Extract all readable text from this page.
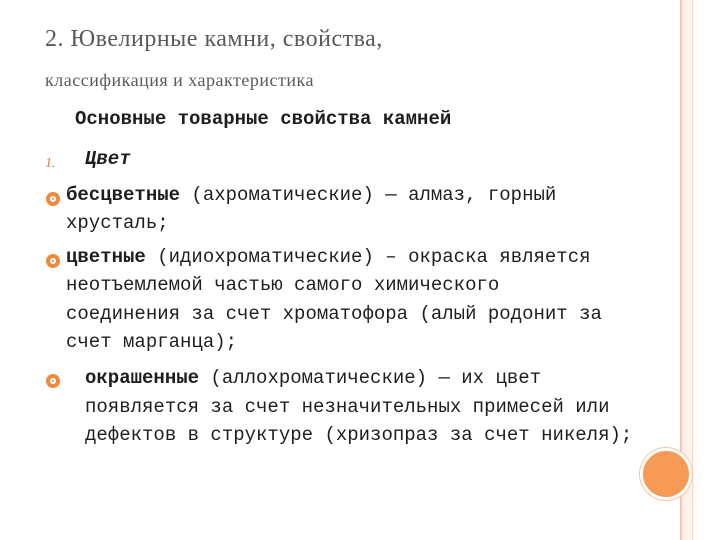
2. Ювелирные камни, свойства,
классификация и характеристика
Основные товарные свойства камней
1. Цвет
бесцветные (ахроматические) — алмаз, горный
хрусталь;
цветные (идиохроматические) – окраска является
неотъемлемой частью самого химического
соединения за счет хроматофора (алый родонит за
счет марганца);
окрашенные (аллохроматические) — их цвет
появляется за счет незначительных примесей или
дефектов в структуре (хризопраз за счет никеля);
